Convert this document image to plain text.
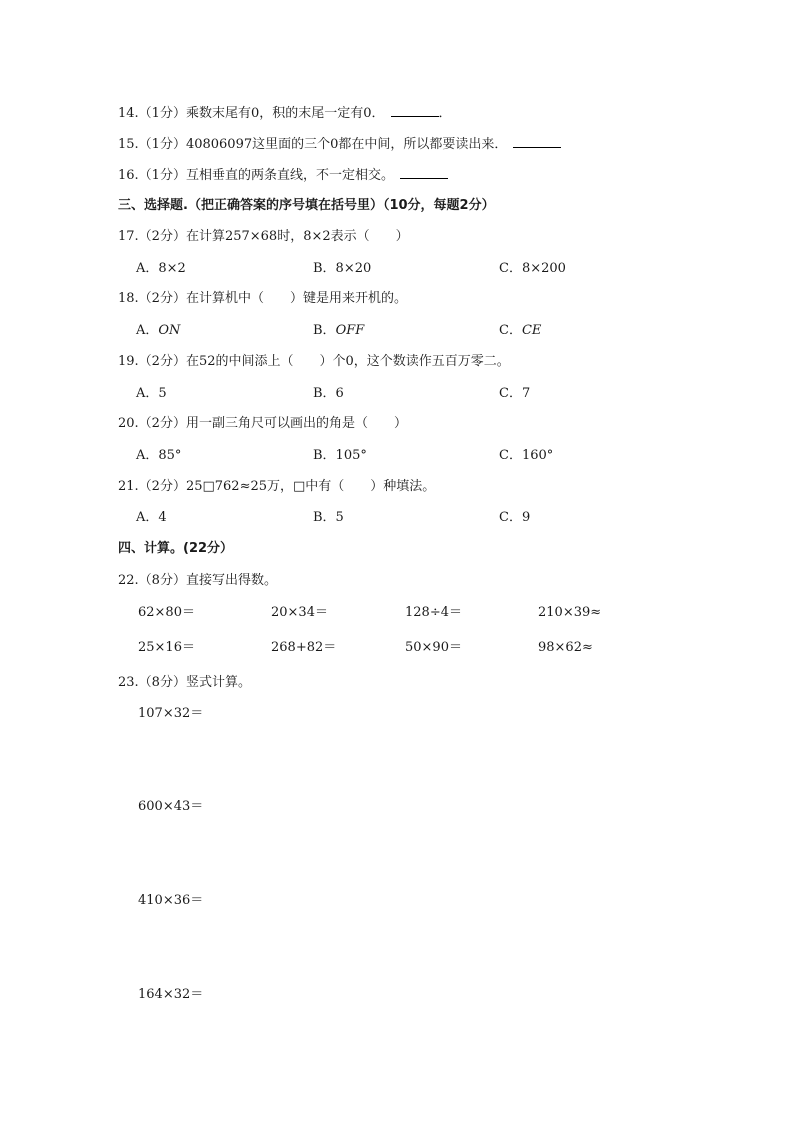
14.（1分）乘数末尾有0，积的末尾一定有0．	．
15.（1分）40806097这里面的三个0都在中间，所以都要读出来．
16.（1分）互相垂直的两条直线，不一定相交。
三、选择题.（把正确答案的序号填在括号里）（10分，每题2分）
17.（2分）在计算257×68时，8×2表示（　　）
A．8×2	B．8×20	C．8×200
18.（2分）在计算机中（　　）键是用来开机的。
A．ON	B．OFF	C．CE
19.（2分）在52的中间添上（　　）个0，这个数读作五百万零二。
A．5	B．6	C．7
20.（2分）用一副三角尺可以画出的角是（　　）
A．85°	B．105°	C．160°
21.（2分）25□762≈25万，□中有（　　）种填法。
A．4	B．5	C．9
四、计算。(22分）
22.（8分）直接写出得数。
62×80＝	20×34＝	128÷4＝	210×39≈
25×16＝	268+82＝	50×90＝	98×62≈
23.（8分）竖式计算。
107×32＝
600×43＝
410×36＝
164×32＝
